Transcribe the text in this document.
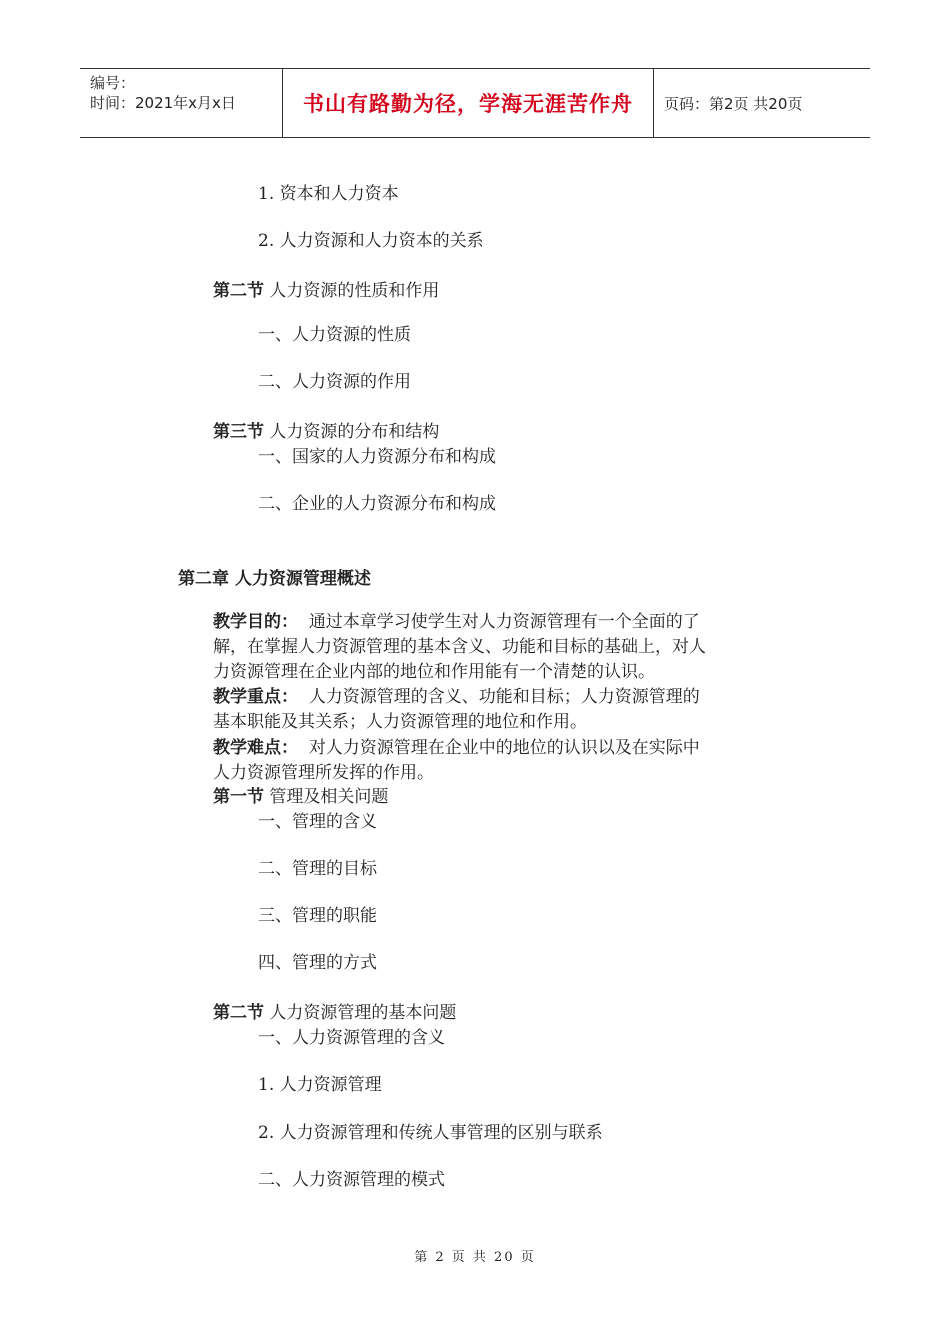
编号：
时间：2021年x月x日	书山有路勤为径，学海无涯苦作舟	页码：第2页 共20页
1. 资本和人力资本
2. 人力资源和人力资本的关系
第二节 人力资源的性质和作用
一、人力资源的性质
二、人力资源的作用
第三节 人力资源的分布和结构
一、国家的人力资源分布和构成
二、企业的人力资源分布和构成
第二章 人力资源管理概述
教学目的： 通过本章学习使学生对人力资源管理有一个全面的了
解，在掌握人力资源管理的基本含义、功能和目标的基础上，对人
力资源管理在企业内部的地位和作用能有一个清楚的认识。
教学重点： 人力资源管理的含义、功能和目标；人力资源管理的
基本职能及其关系；人力资源管理的地位和作用。
教学难点： 对人力资源管理在企业中的地位的认识以及在实际中
人力资源管理所发挥的作用。
第一节 管理及相关问题
一、管理的含义
二、管理的目标
三、管理的职能
四、管理的方式
第二节 人力资源管理的基本问题
一、人力资源管理的含义
1. 人力资源管理
2. 人力资源管理和传统人事管理的区别与联系
二、人力资源管理的模式
第 2 页 共 20 页
